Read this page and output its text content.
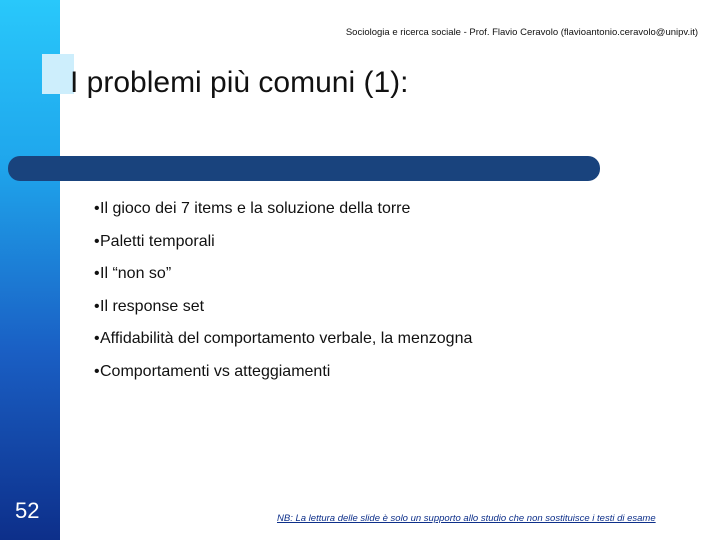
Sociologia e ricerca sociale - Prof. Flavio Ceravolo (flavioantonio.ceravolo@unipv.it)
I problemi più comuni (1):
•Il gioco dei 7 items e la soluzione della torre
•Paletti temporali
•Il “non so”
•Il response set
•Affidabilità del comportamento verbale, la menzogna
•Comportamenti vs atteggiamenti
52	NB: La lettura delle slide è solo un supporto allo studio che non sostituisce i testi di esame
